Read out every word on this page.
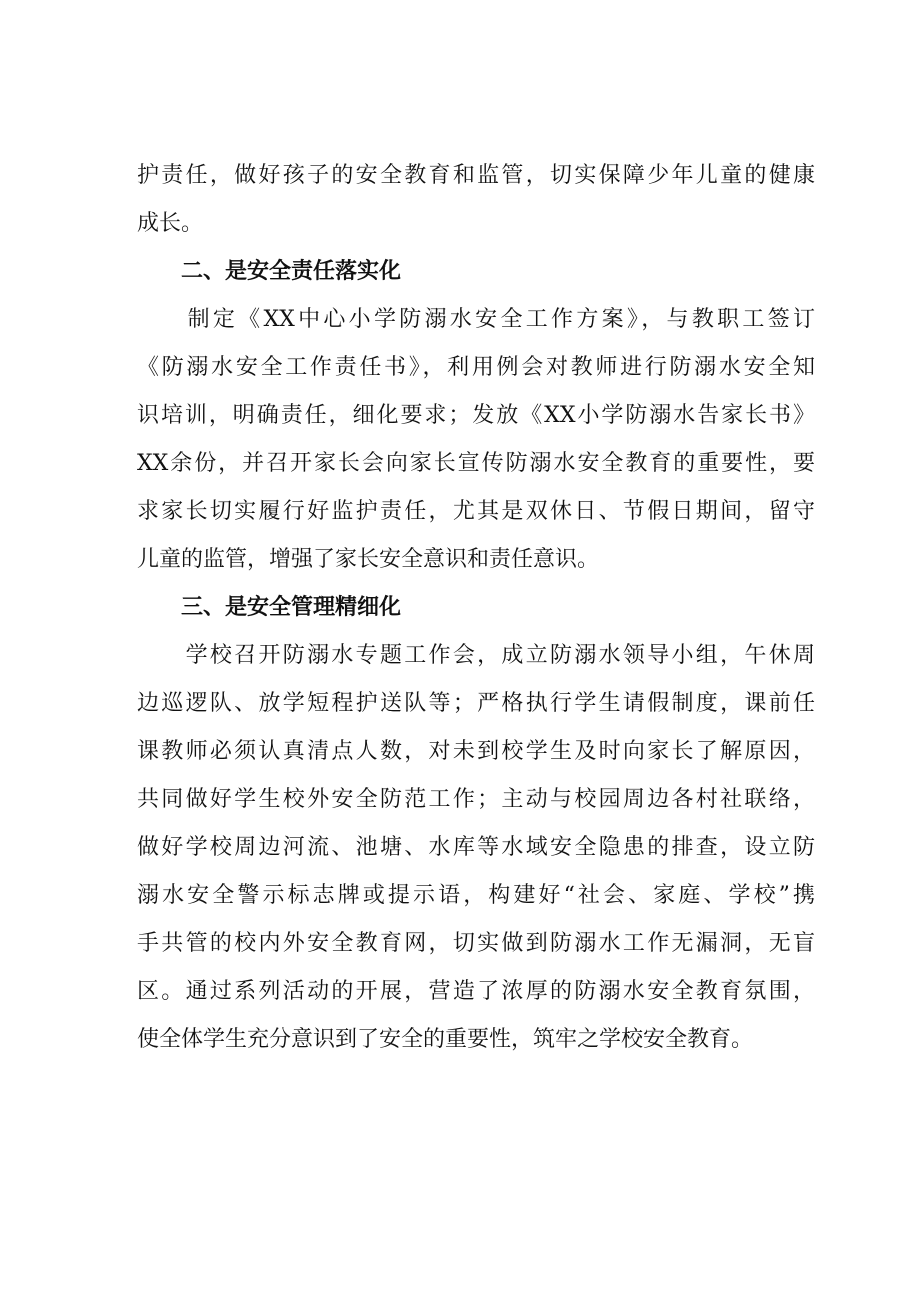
护责任，做好孩子的安全教育和监管，切实保障少年儿童的健康

成长。

二、是安全责任落实化

　　制定《XX中心小学防溺水安全工作方案》，与教职工签订

《防溺水安全工作责任书》，利用例会对教师进行防溺水安全知

识培训，明确责任，细化要求；发放《XX小学防溺水告家长书》

XX余份，并召开家长会向家长宣传防溺水安全教育的重要性，要

求家长切实履行好监护责任，尤其是双休日、节假日期间，留守

儿童的监管，增强了家长安全意识和责任意识。

三、是安全管理精细化

　　学校召开防溺水专题工作会，成立防溺水领导小组，午休周

边巡逻队、放学短程护送队等；严格执行学生请假制度，课前任

课教师必须认真清点人数，对未到校学生及时向家长了解原因，

共同做好学生校外安全防范工作；主动与校园周边各村社联络，

做好学校周边河流、池塘、水库等水域安全隐患的排查，设立防

溺水安全警示标志牌或提示语，构建好“社会、家庭、学校”携

手共管的校内外安全教育网，切实做到防溺水工作无漏洞，无盲

区。通过系列活动的开展，营造了浓厚的防溺水安全教育氛围，

使全体学生充分意识到了安全的重要性，筑牢之学校安全教育。
